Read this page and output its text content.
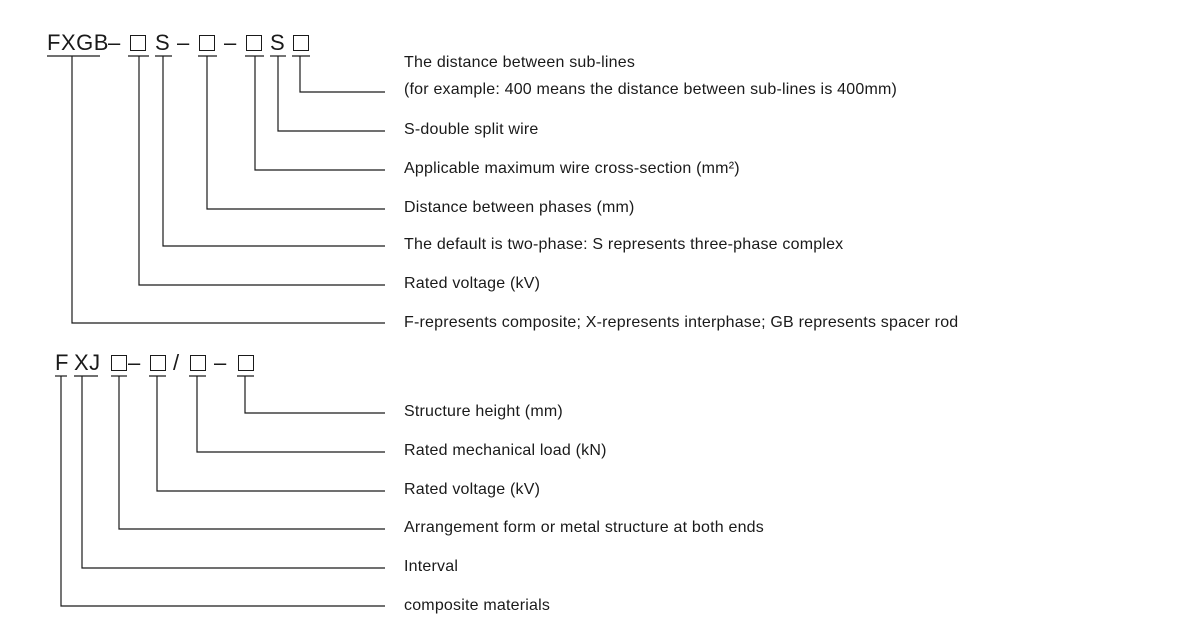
FXGB – S – – S
The distance between sub-lines
(for example: 400 means the distance between sub-lines is 400mm)
S-double split wire
Applicable maximum wire cross-section (mm²)
Distance between phases (mm)
The default is two-phase: S represents three-phase complex
Rated voltage (kV)
F-represents composite; X-represents interphase; GB represents spacer rod
F XJ – / –
Structure height (mm)
Rated mechanical load (kN)
Rated voltage (kV)
Arrangement form or metal structure at both ends
Interval
composite materials
